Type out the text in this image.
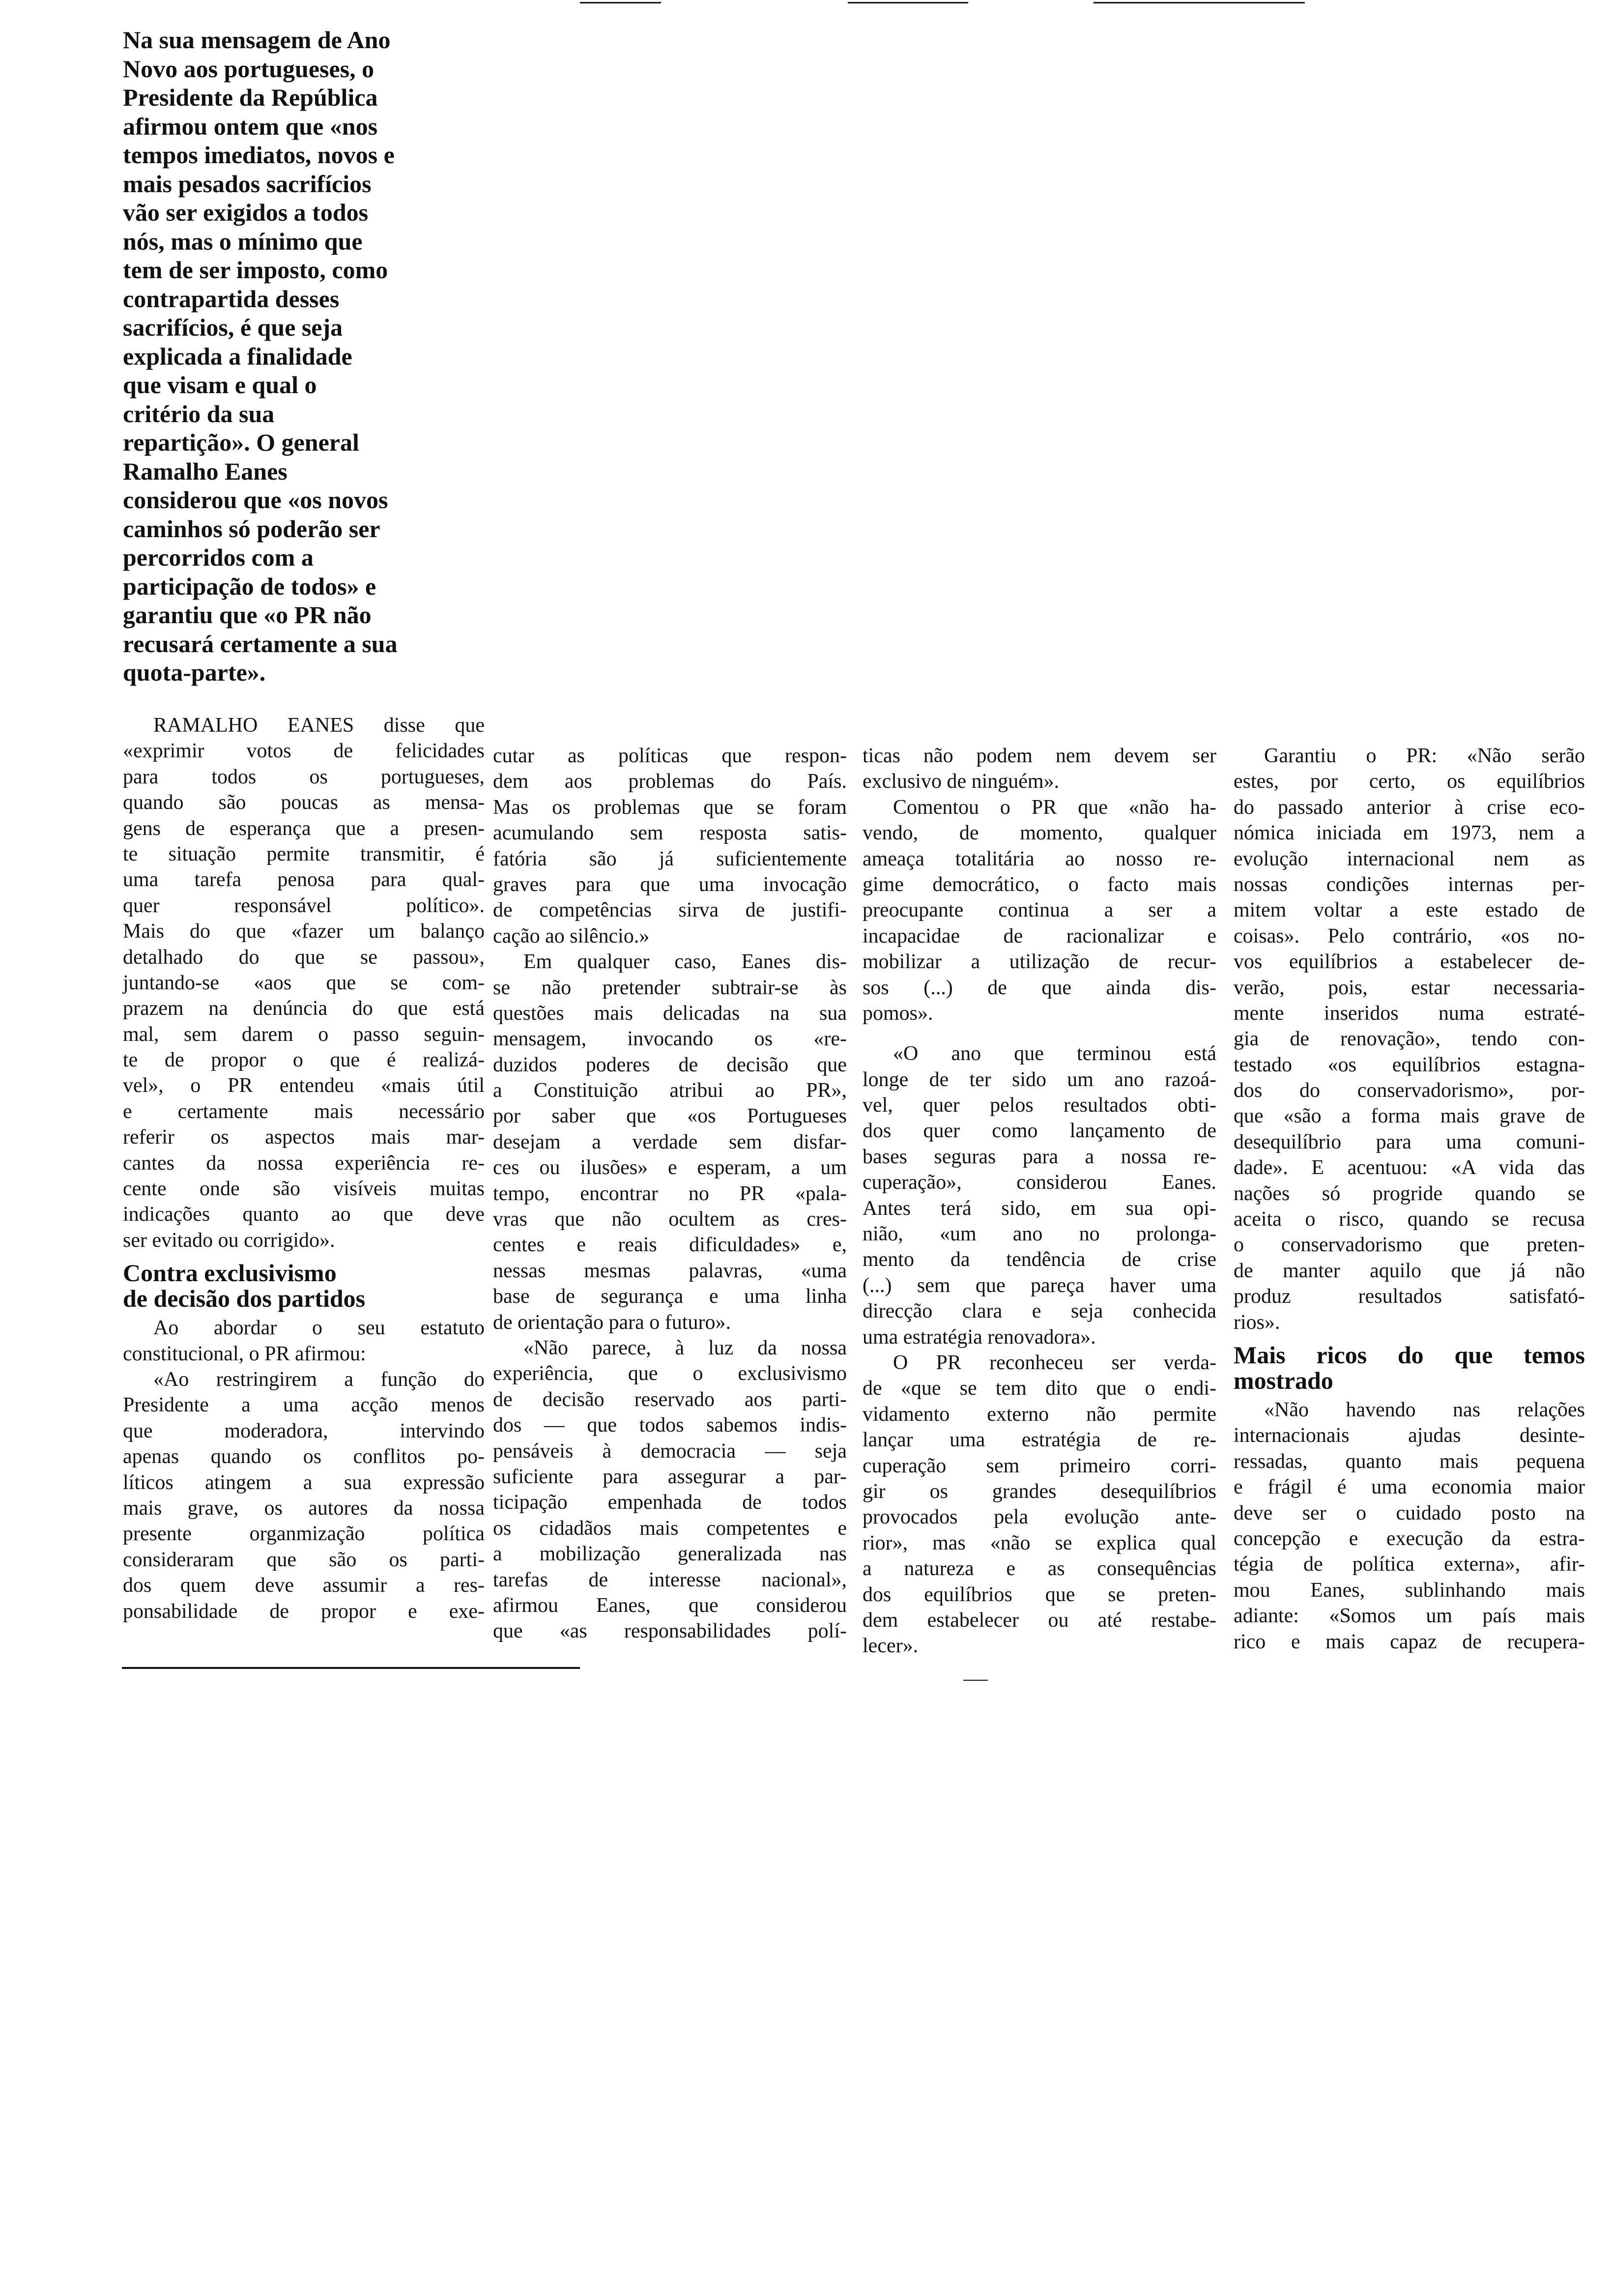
Na sua mensagem de Ano
Novo aos portugueses, o
Presidente da República
afirmou ontem que «nos
tempos imediatos, novos e
mais pesados sacrifícios
vão ser exigidos a todos
nós, mas o mínimo que
tem de ser imposto, como
contrapartida desses
sacrifícios, é que seja
explicada a finalidade
que visam e qual o
critério da sua
repartição». O general
Ramalho Eanes
considerou que «os novos
caminhos só poderão ser
percorridos com a
participação de todos» e
garantiu que «o PR não
recusará certamente a sua
quota-parte».
RAMALHO EANES disse que
«exprimir votos de felicidades
para todos os portugueses,
quando são poucas as mensa-
gens de esperança que a presen-
te situação permite transmitir, é
uma tarefa penosa para qual-
quer responsável político».
Mais do que «fazer um balanço
detalhado do que se passou»,
juntando-se «aos que se com-
prazem na denúncia do que está
mal, sem darem o passo seguin-
te de propor o que é realizá-
vel», o PR entendeu «mais útil
e certamente mais necessário
referir os aspectos mais mar-
cantes da nossa experiência re-
cente onde são visíveis muitas
indicações quanto ao que deve
ser evitado ou corrigido».
Contra exclusivismo
de decisão dos partidos
Ao abordar o seu estatuto
constitucional, o PR afirmou:
«Ao restringirem a função do
Presidente a uma acção menos
que moderadora, intervindo
apenas quando os conflitos po-
líticos atingem a sua expressão
mais grave, os autores da nossa
presente organmização política
consideraram que são os parti-
dos quem deve assumir a res-
ponsabilidade de propor e exe-
cutar as políticas que respon-
dem aos problemas do País.
Mas os problemas que se foram
acumulando sem resposta satis-
fatória são já suficientemente
graves para que uma invocação
de competências sirva de justifi-
cação ao silêncio.»
Em qualquer caso, Eanes dis-
se não pretender subtrair-se às
questões mais delicadas na sua
mensagem, invocando os «re-
duzidos poderes de decisão que
a Constituição atribui ao PR»,
por saber que «os Portugueses
desejam a verdade sem disfar-
ces ou ilusões» e esperam, a um
tempo, encontrar no PR «pala-
vras que não ocultem as cres-
centes e reais dificuldades» e,
nessas mesmas palavras, «uma
base de segurança e uma linha
de orientação para o futuro».
«Não parece, à luz da nossa
experiência, que o exclusivismo
de decisão reservado aos parti-
dos — que todos sabemos indis-
pensáveis à democracia — seja
suficiente para assegurar a par-
ticipação empenhada de todos
os cidadãos mais competentes e
a mobilização generalizada nas
tarefas de interesse nacional»,
afirmou Eanes, que considerou
que «as responsabilidades polí-
ticas não podem nem devem ser
exclusivo de ninguém».
Comentou o PR que «não ha-
vendo, de momento, qualquer
ameaça totalitária ao nosso re-
gime democrático, o facto mais
preocupante continua a ser a
incapacidae de racionalizar e
mobilizar a utilização de recur-
sos (...) de que ainda dis-
pomos».
«O ano que terminou está
longe de ter sido um ano razoá-
vel, quer pelos resultados obti-
dos quer como lançamento de
bases seguras para a nossa re-
cuperação», considerou Eanes.
Antes terá sido, em sua opi-
nião, «um ano no prolonga-
mento da tendência de crise
(...) sem que pareça haver uma
direcção clara e seja conhecida
uma estratégia renovadora».
O PR reconheceu ser verda-
de «que se tem dito que o endi-
vidamento externo não permite
lançar uma estratégia de re-
cuperação sem primeiro corri-
gir os grandes desequilíbrios
provocados pela evolução ante-
rior», mas «não se explica qual
a natureza e as consequências
dos equilíbrios que se preten-
dem estabelecer ou até restabe-
lecer».
Garantiu o PR: «Não serão
estes, por certo, os equilíbrios
do passado anterior à crise eco-
nómica iniciada em 1973, nem a
evolução internacional nem as
nossas condições internas per-
mitem voltar a este estado de
coisas». Pelo contrário, «os no-
vos equilíbrios a estabelecer de-
verão, pois, estar necessaria-
mente inseridos numa estraté-
gia de renovação», tendo con-
testado «os equilíbrios estagna-
dos do conservadorismo», por-
que «são a forma mais grave de
desequilíbrio para uma comuni-
dade». E acentuou: «A vida das
nações só progride quando se
aceita o risco, quando se recusa
o conservadorismo que preten-
de manter aquilo que já não
produz resultados satisfató-
rios».
Mais ricos do que temos
mostrado
«Não havendo nas relações
internacionais ajudas desinte-
ressadas, quanto mais pequena
e frágil é uma economia maior
deve ser o cuidado posto na
concepção e execução da estra-
tégia de política externa», afir-
mou Eanes, sublinhando mais
adiante: «Somos um país mais
rico e mais capaz de recupera-
